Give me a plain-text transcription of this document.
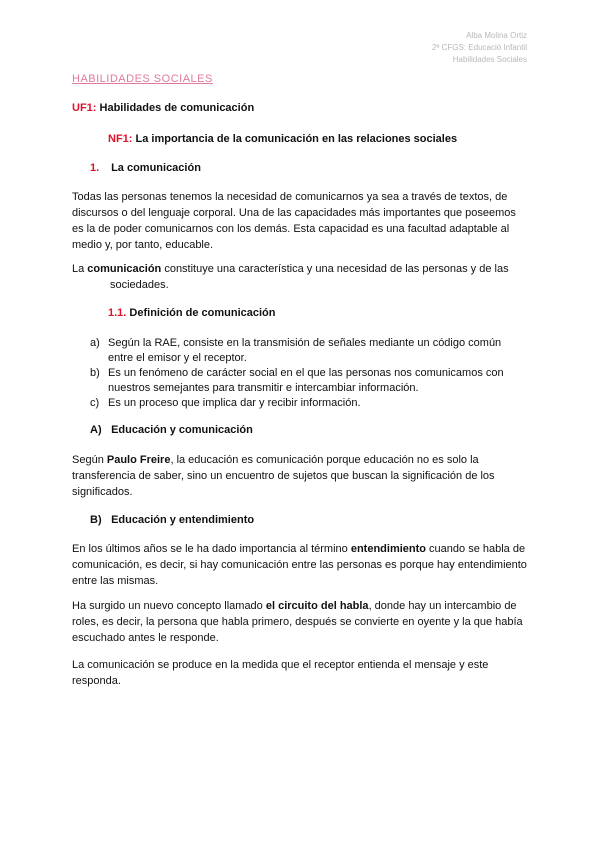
Alba Molina Ortiz
2ª CFGS: Educació Infantil
Habilidades Sociales
HABILIDADES SOCIALES
UF1: Habilidades de comunicación
NF1: La importancia de la comunicación en las relaciones sociales
1. La comunicación
Todas las personas tenemos la necesidad de comunicarnos ya sea a través de textos, de discursos o del lenguaje corporal. Una de las capacidades más importantes que poseemos es la de poder comunicarnos con los demás. Esta capacidad es una facultad adaptable al medio y, por tanto, educable.
La comunicación constituye una característica y una necesidad de las personas y de las
sociedades.
1.1. Definición de comunicación
a) Según la RAE, consiste en la transmisión de señales mediante un código común entre el emisor y el receptor.
b) Es un fenómeno de carácter social en el que las personas nos comunicamos con nuestros semejantes para transmitir e intercambiar información.
c) Es un proceso que implica dar y recibir información.
A) Educación y comunicación
Según Paulo Freire, la educación es comunicación porque educación no es solo la transferencia de saber, sino un encuentro de sujetos que buscan la significación de los significados.
B) Educación y entendimiento
En los últimos años se le ha dado importancia al término entendimiento cuando se habla de comunicación, es decir, si hay comunicación entre las personas es porque hay entendimiento entre las mismas.
Ha surgido un nuevo concepto llamado el circuito del habla, donde hay un intercambio de roles, es decir, la persona que habla primero, después se convierte en oyente y la que había escuchado antes le responde.
La comunicación se produce en la medida que el receptor entienda el mensaje y este responda.
